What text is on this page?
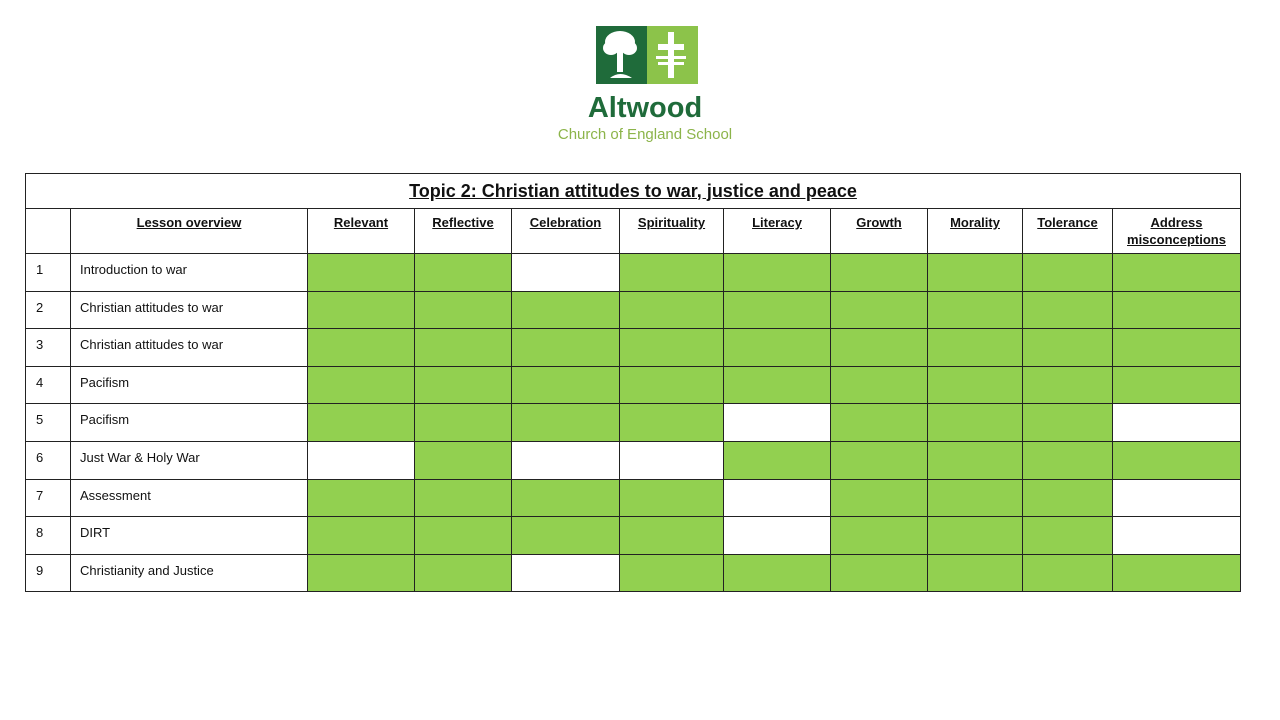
Altwood
Church of England School
Topic 2: Christian attitudes to war, justice and peace										
	Lesson overview	Relevant	Reflective	Celebration	Spirituality	Literacy	Growth	Morality	Tolerance	Address misconceptions
1	Introduction to war									
2	Christian attitudes to war									
3	Christian attitudes to war									
4	Pacifism									
5	Pacifism									
6	Just War & Holy War									
7	Assessment									
8	DIRT									
9	Christianity and Justice									
